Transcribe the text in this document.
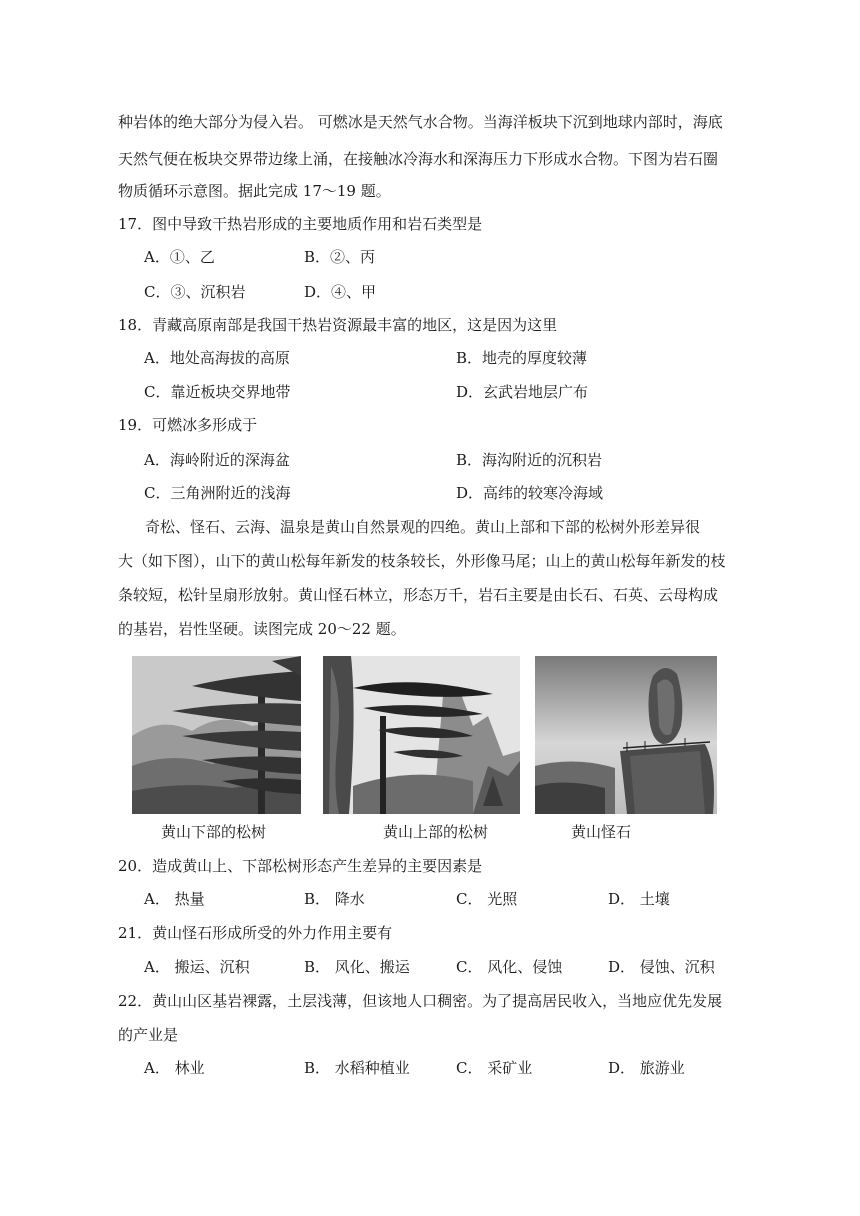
种岩体的绝大部分为侵入岩。 可燃冰是天然气水合物。当海洋板块下沉到地球内部时，海底
天然气便在板块交界带边缘上涌，在接触冰冷海水和深海压力下形成水合物。下图为岩石圈
物质循环示意图。据此完成 17～19 题。
17．图中导致干热岩形成的主要地质作用和岩石类型是
A．①、乙	B．②、丙
C．③、沉积岩	D．④、甲
18．青藏高原南部是我国干热岩资源最丰富的地区，这是因为这里
A．地处高海拔的高原	B．地壳的厚度较薄
C．靠近板块交界地带	D．玄武岩地层广布
19．可燃冰多形成于
A．海岭附近的深海盆	B．海沟附近的沉积岩
C．三角洲附近的浅海	D．高纬的较寒冷海域
奇松、怪石、云海、温泉是黄山自然景观的四绝。黄山上部和下部的松树外形差异很
大（如下图），山下的黄山松每年新发的枝条较长，外形像马尾；山上的黄山松每年新发的枝
条较短，松针呈扇形放射。黄山怪石林立，形态万千，岩石主要是由长石、石英、云母构成
的基岩，岩性坚硬。读图完成 20～22 题。
黄山下部的松树	黄山上部的松树	黄山怪石
20．造成黄山上、下部松树形态产生差异的主要因素是
A． 热量	B． 降水	C． 光照	D． 土壤
21．黄山怪石形成所受的外力作用主要有
A． 搬运、沉积	B． 风化、搬运	C． 风化、侵蚀	D． 侵蚀、沉积
22．黄山山区基岩裸露，土层浅薄，但该地人口稠密。为了提高居民收入，当地应优先发展
的产业是
A． 林业	B． 水稻种植业	C． 采矿业	D． 旅游业
